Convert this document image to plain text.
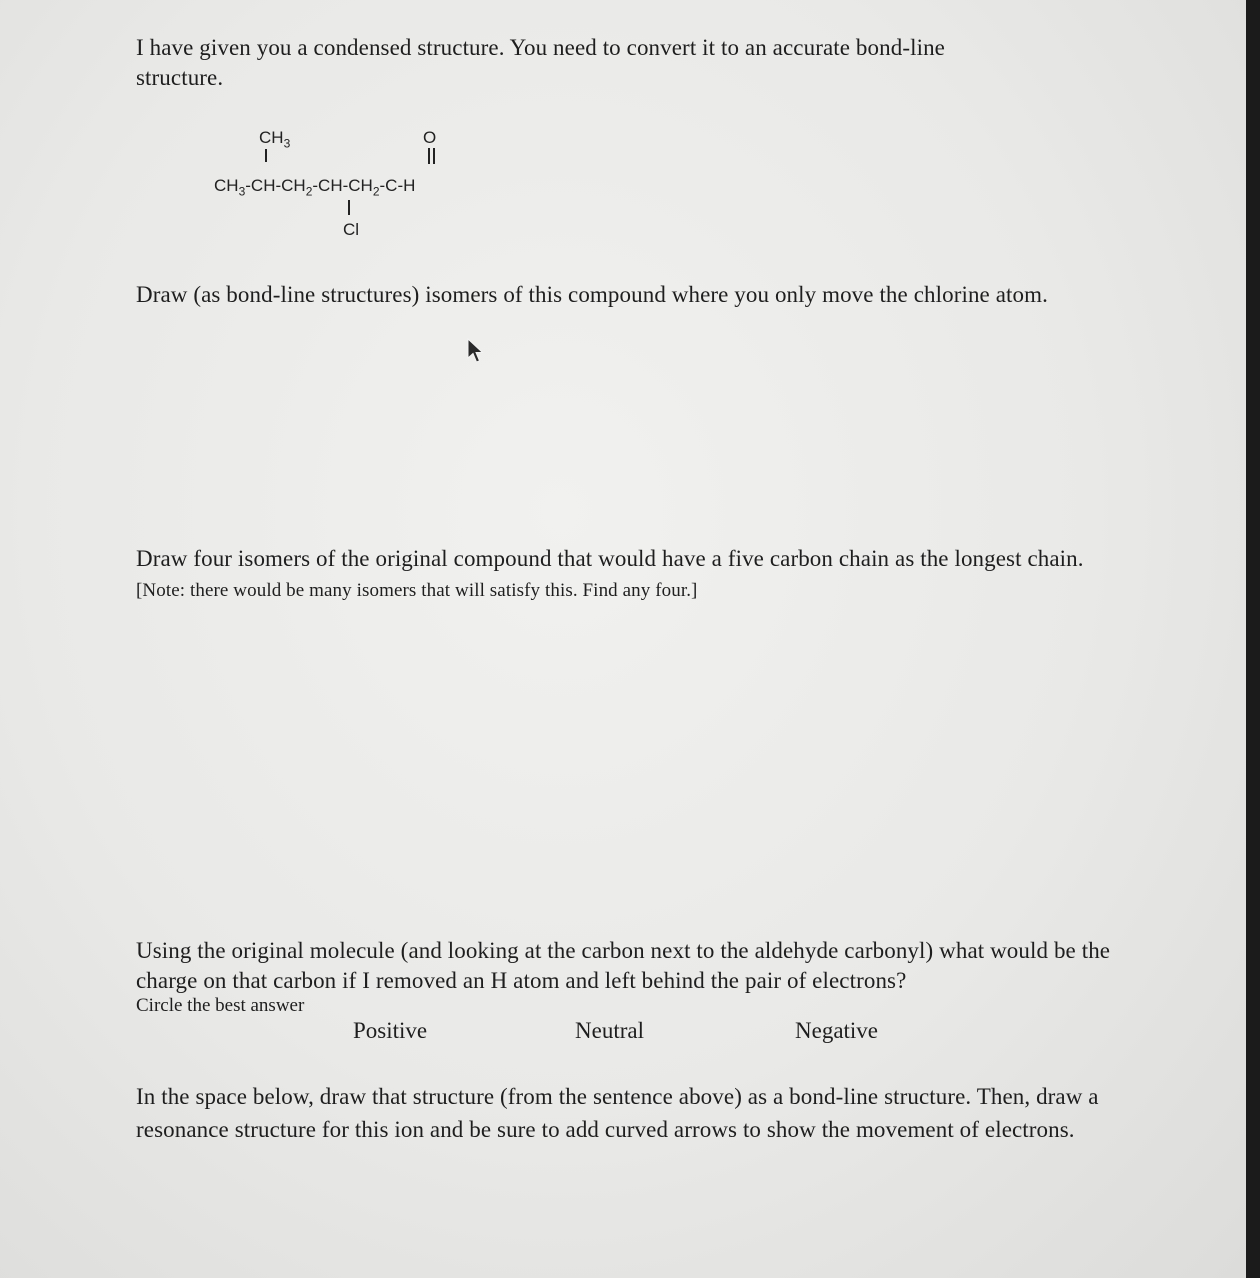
I have given you a condensed structure. You need to convert it to an accurate bond-line structure.

$CH_3$	O

$CH_3-CH-CH_2-CH-CH_2-C-H$

Cl

Draw (as bond-line structures) isomers of this compound where you only move the chlorine atom.

Draw four isomers of the original compound that would have a five carbon chain as the longest chain. [Note: there would be many isomers that will satisfy this. Find any four.]

Using the original molecule (and looking at the carbon next to the aldehyde carbonyl) what would be the charge on that carbon if I removed an H atom and left behind the pair of electrons?

Circle the best answer

Positive	Neutral	Negative

In the space below, draw that structure (from the sentence above) as a bond-line structure. Then, draw a resonance structure for this ion and be sure to add curved arrows to show the movement of electrons.
